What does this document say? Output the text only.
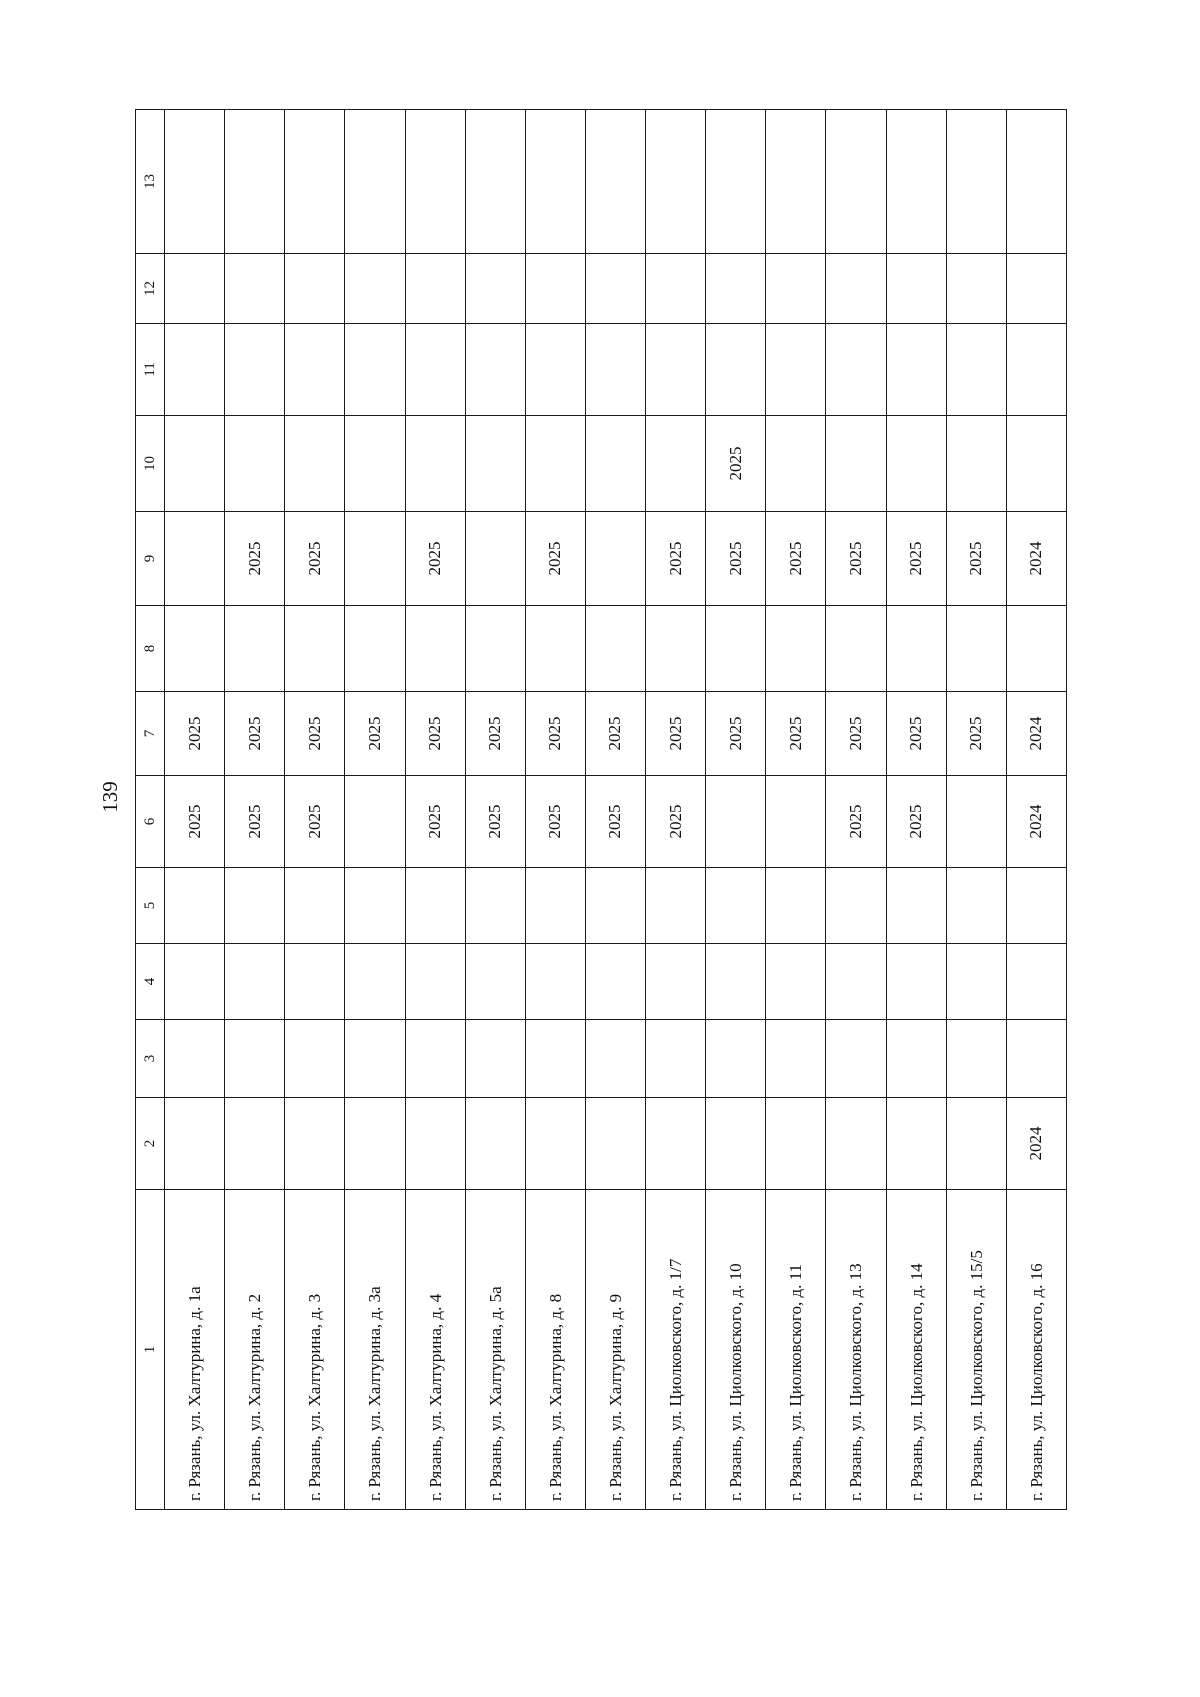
139
1	2	3	4	5	6	7	8	9	10	11	12	13
г. Рязань, ул. Халтурина, д. 1а					2025	2025						
г. Рязань, ул. Халтурина, д. 2					2025	2025		2025				
г. Рязань, ул. Халтурина, д. 3					2025	2025		2025				
г. Рязань, ул. Халтурина, д. 3а						2025						
г. Рязань, ул. Халтурина, д. 4					2025	2025		2025				
г. Рязань, ул. Халтурина, д. 5а					2025	2025						
г. Рязань, ул. Халтурина, д. 8					2025	2025		2025				
г. Рязань, ул. Халтурина, д. 9					2025	2025						
г. Рязань, ул. Циолковского, д. 1/7					2025	2025		2025				
г. Рязань, ул. Циолковского, д. 10						2025		2025	2025			
г. Рязань, ул. Циолковского, д. 11						2025		2025				
г. Рязань, ул. Циолковского, д. 13					2025	2025		2025				
г. Рязань, ул. Циолковского, д. 14					2025	2025		2025				
г. Рязань, ул. Циолковского, д. 15/5						2025		2025				
г. Рязань, ул. Циолковского, д. 16	2024				2024	2024		2024				
